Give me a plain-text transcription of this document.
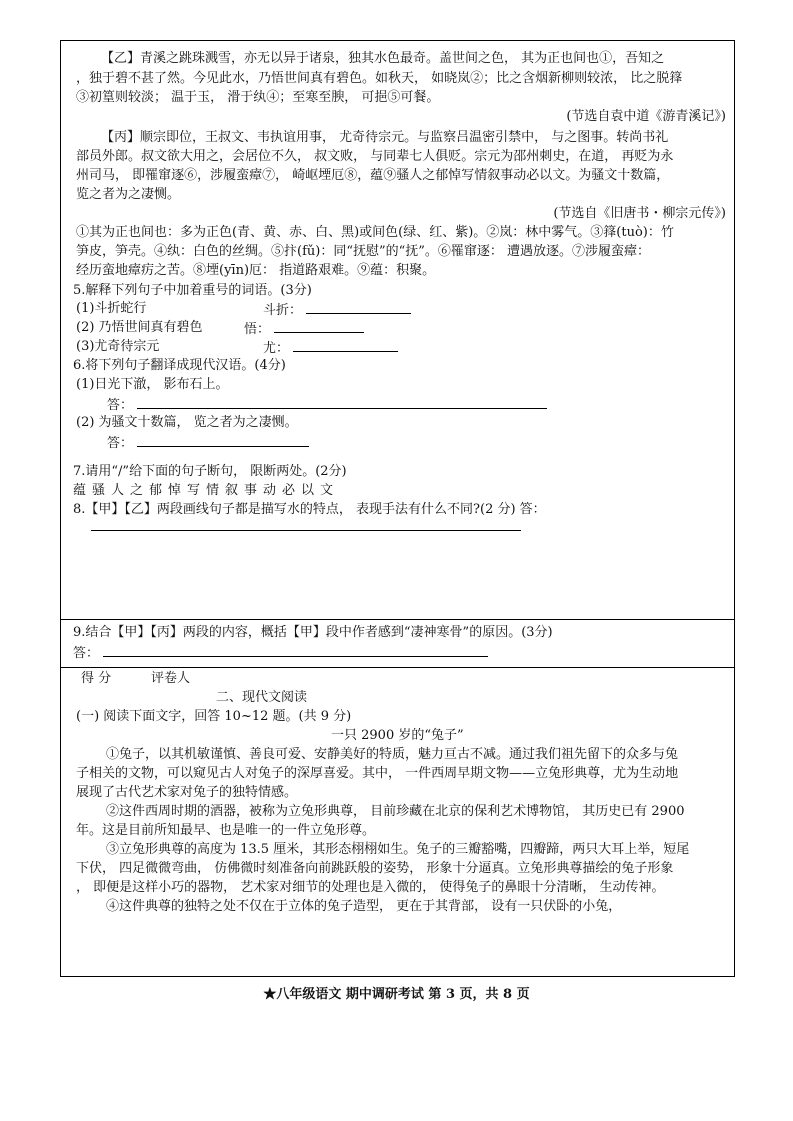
【乙】青溪之跳珠溅雪，亦无以异于诸泉，独其水色最奇。盖世间之色， 其为正也间也①，吾知之
，独于碧不甚了然。今见此水，乃悟世间真有碧色。如秋天， 如晓岚②；比之含烟新柳则较浓， 比之脱箨
③初篁则较淡； 温于玉， 滑于纨④；至寒至腴， 可挹⑤可餐。
(节选自袁中道《游青溪记》)
【丙】顺宗即位，王叔文、韦执谊用事， 尤奇待宗元。与监察吕温密引禁中， 与之图事。转尚书礼
部员外郎。叔文欲大用之，会居位不久， 叔文败， 与同辈七人俱贬。宗元为邵州刺史，在道， 再贬为永
州司马， 即罹窜逐⑥，涉履蛮瘴⑦， 崎岖堙厄⑧，蕴⑨骚人之郁悼写情叙事动必以文。为骚文十数篇，
览之者为之凄恻。
(节选自《旧唐书・柳宗元传》)
①其为正也间也：多为正色(青、黄、赤、白、黑)或间色(绿、红、紫)。②岚：林中雾气。③箨(tuò)：竹
笋皮，笋壳。④纨：白色的丝绸。⑤抃(fǔ)：同“抚慰”的“抚”。⑥罹窜逐： 遭遇放逐。⑦涉履蛮瘴：
经历蛮地瘴疠之苦。⑧堙(yīn)厄： 指道路艰难。⑨蕴：积聚。
5.解释下列句子中加着重号的词语。(3分)
(1)斗折蛇行	斗折：
(2) 乃悟世间真有碧色	悟：
(3)尤奇待宗元	尤：
6.将下列句子翻译成现代汉语。(4分)
(1)日光下澈， 影布石上。
答：
(2) 为骚文十数篇， 览之者为之凄恻。
答：
7.请用“/”给下面的句子断句， 限断两处。(2分)
蕴骚人之郁悼写情叙事动必以文
8.【甲】【乙】两段画线句子都是描写水的特点， 表现手法有什么不同?(2 分) 答：
9.结合【甲】【丙】两段的内容，概括【甲】段中作者感到“凄神寒骨”的原因。(3分)
答：
得 分	评卷人
二、现代文阅读
(一) 阅读下面文字，回答 10~12 题。(共 9 分)
一只 2900 岁的“兔子”
①兔子，以其机敏谨慎、善良可爱、安静美好的特质，魅力亘古不减。通过我们祖先留下的众多与兔
子相关的文物，可以窥见古人对兔子的深厚喜爱。其中， 一件西周早期文物——立兔形典尊，尤为生动地
展现了古代艺术家对兔子的独特情感。
②这件西周时期的酒器，被称为立兔形典尊， 目前珍藏在北京的保利艺术博物馆， 其历史已有 2900
年。这是目前所知最早、也是唯一的一件立兔形尊。
③立兔形典尊的高度为 13.5 厘米，其形态栩栩如生。兔子的三瓣豁嘴，四瓣蹄，两只大耳上举，短尾
下伏， 四足微微弯曲， 仿佛微时刻准备向前跳跃般的姿势， 形象十分逼真。立兔形典尊描绘的兔子形象
， 即便是这样小巧的器物， 艺术家对细节的处理也是入微的， 使得兔子的鼻眼十分清晰， 生动传神。
④这件典尊的独特之处不仅在于立体的兔子造型， 更在于其背部， 设有一只伏卧的小兔，
★八年级语文 期中调研考试 第 3 页，共 8 页
